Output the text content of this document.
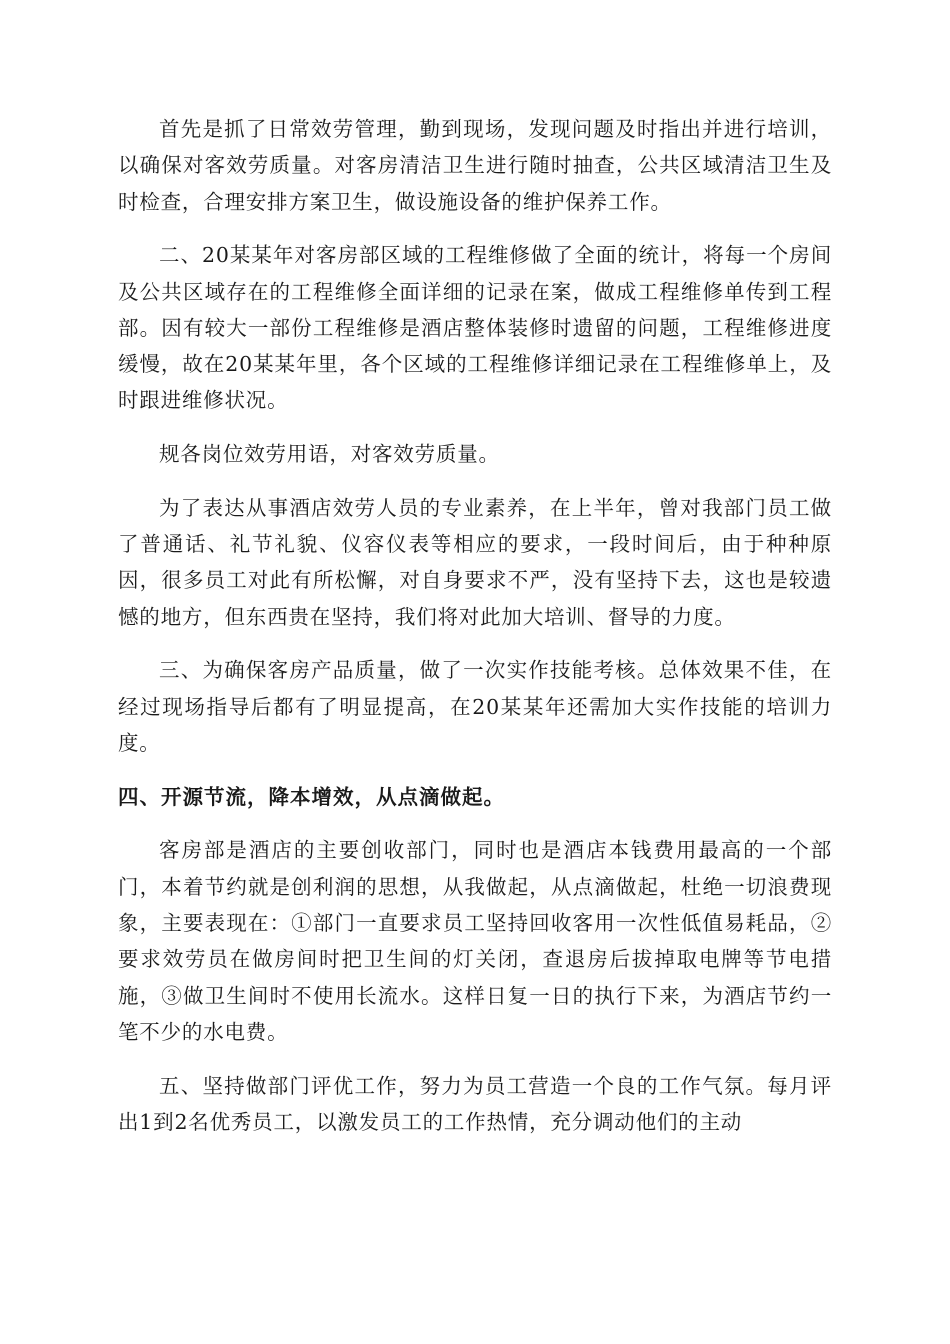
首先是抓了日常效劳管理，勤到现场，发现问题及时指出并进行培训，以确保对客效劳质量。对客房清洁卫生进行随时抽查，公共区域清洁卫生及时检查，合理安排方案卫生，做设施设备的维护保养工作。

二、20某某年对客房部区域的工程维修做了全面的统计，将每一个房间及公共区域存在的工程维修全面详细的记录在案，做成工程维修单传到工程部。因有较大一部份工程维修是酒店整体装修时遗留的问题，工程维修进度缓慢，故在20某某年里，各个区域的工程维修详细记录在工程维修单上，及时跟进维修状况。

规各岗位效劳用语，对客效劳质量。

为了表达从事酒店效劳人员的专业素养，在上半年，曾对我部门员工做了普通话、礼节礼貌、仪容仪表等相应的要求，一段时间后，由于种种原因，很多员工对此有所松懈，对自身要求不严，没有坚持下去，这也是较遗憾的地方，但东西贵在坚持，我们将对此加大培训、督导的力度。

三、为确保客房产品质量，做了一次实作技能考核。总体效果不佳，在经过现场指导后都有了明显提高，在20某某年还需加大实作技能的培训力度。

四、开源节流，降本增效，从点滴做起。

客房部是酒店的主要创收部门，同时也是酒店本钱费用最高的一个部门，本着节约就是创利润的思想，从我做起，从点滴做起，杜绝一切浪费现象，主要表现在：①部门一直要求员工坚持回收客用一次性低值易耗品，②要求效劳员在做房间时把卫生间的灯关闭，查退房后拔掉取电牌等节电措施，③做卫生间时不使用长流水。这样日复一日的执行下来，为酒店节约一笔不少的水电费。

五、坚持做部门评优工作，努力为员工营造一个良的工作气氛。每月评出1到2名优秀员工，以激发员工的工作热情，充分调动他们的主动
